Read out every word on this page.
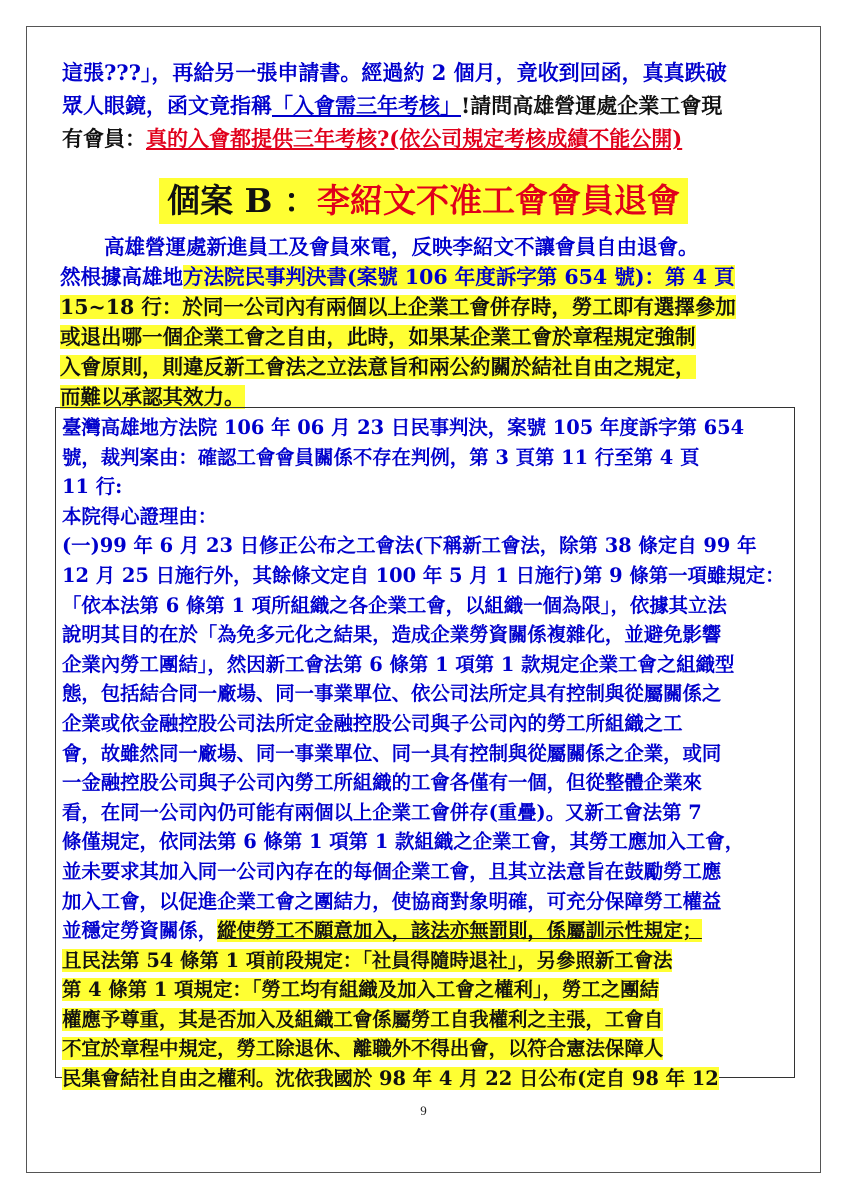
這張???」，再給另一張申請書。經過約 2 個月，竟收到回函，真真跌破
眾人眼鏡，函文竟指稱「入會需三年考核」!請問高雄營運處企業工會現
有會員：真的入會都提供三年考核?(依公司規定考核成績不能公開)
個案 B ：李紹文不准工會會員退會
高雄營運處新進員工及會員來電，反映李紹文不讓會員自由退會。
然根據高雄地方法院民事判決書(案號 106 年度訴字第 654 號)：第 4 頁
15~18 行：於同一公司內有兩個以上企業工會併存時，勞工即有選擇參加
或退出哪一個企業工會之自由，此時，如果某企業工會於章程規定強制
入會原則，則違反新工會法之立法意旨和兩公約關於結社自由之規定，
而難以承認其效力。
臺灣高雄地方法院 106 年 06 月 23 日民事判決，案號 105 年度訴字第 654
號，裁判案由：確認工會會員關係不存在判例，第 3 頁第 11 行至第 4 頁
11 行:
本院得心證理由：
(一)99 年 6 月 23 日修正公布之工會法(下稱新工會法，除第 38 條定自 99 年
12 月 25 日施行外，其餘條文定自 100 年 5 月 1 日施行)第 9 條第一項雖規定：
「依本法第 6 條第 1 項所組織之各企業工會，以組織一個為限」，依據其立法
說明其目的在於「為免多元化之結果，造成企業勞資關係複雜化，並避免影響
企業內勞工團結」，然因新工會法第 6 條第 1 項第 1 款規定企業工會之組織型
態，包括結合同一廠場、同一事業單位、依公司法所定具有控制與從屬關係之
企業或依金融控股公司法所定金融控股公司與子公司內的勞工所組織之工
會，故雖然同一廠場、同一事業單位、同一具有控制與從屬關係之企業，或同
一金融控股公司與子公司內勞工所組織的工會各僅有一個，但從整體企業來
看，在同一公司內仍可能有兩個以上企業工會併存(重疊)。又新工會法第 7
條僅規定，依同法第 6 條第 1 項第 1 款組織之企業工會，其勞工應加入工會，
並未要求其加入同一公司內存在的每個企業工會，且其立法意旨在鼓勵勞工應
加入工會，以促進企業工會之團結力，使協商對象明確，可充分保障勞工權益
並穩定勞資關係，縱使勞工不願意加入，該法亦無罰則，係屬訓示性規定；
且民法第 54 條第 1 項前段規定：「社員得隨時退社」，另參照新工會法
第 4 條第 1 項規定：「勞工均有組織及加入工會之權利」，勞工之團結
權應予尊重，其是否加入及組織工會係屬勞工自我權利之主張，工會自
不宜於章程中規定，勞工除退休、離職外不得出會，以符合憲法保障人
民集會結社自由之權利。沈依我國於 98 年 4 月 22 日公布(定自 98 年 12
9
